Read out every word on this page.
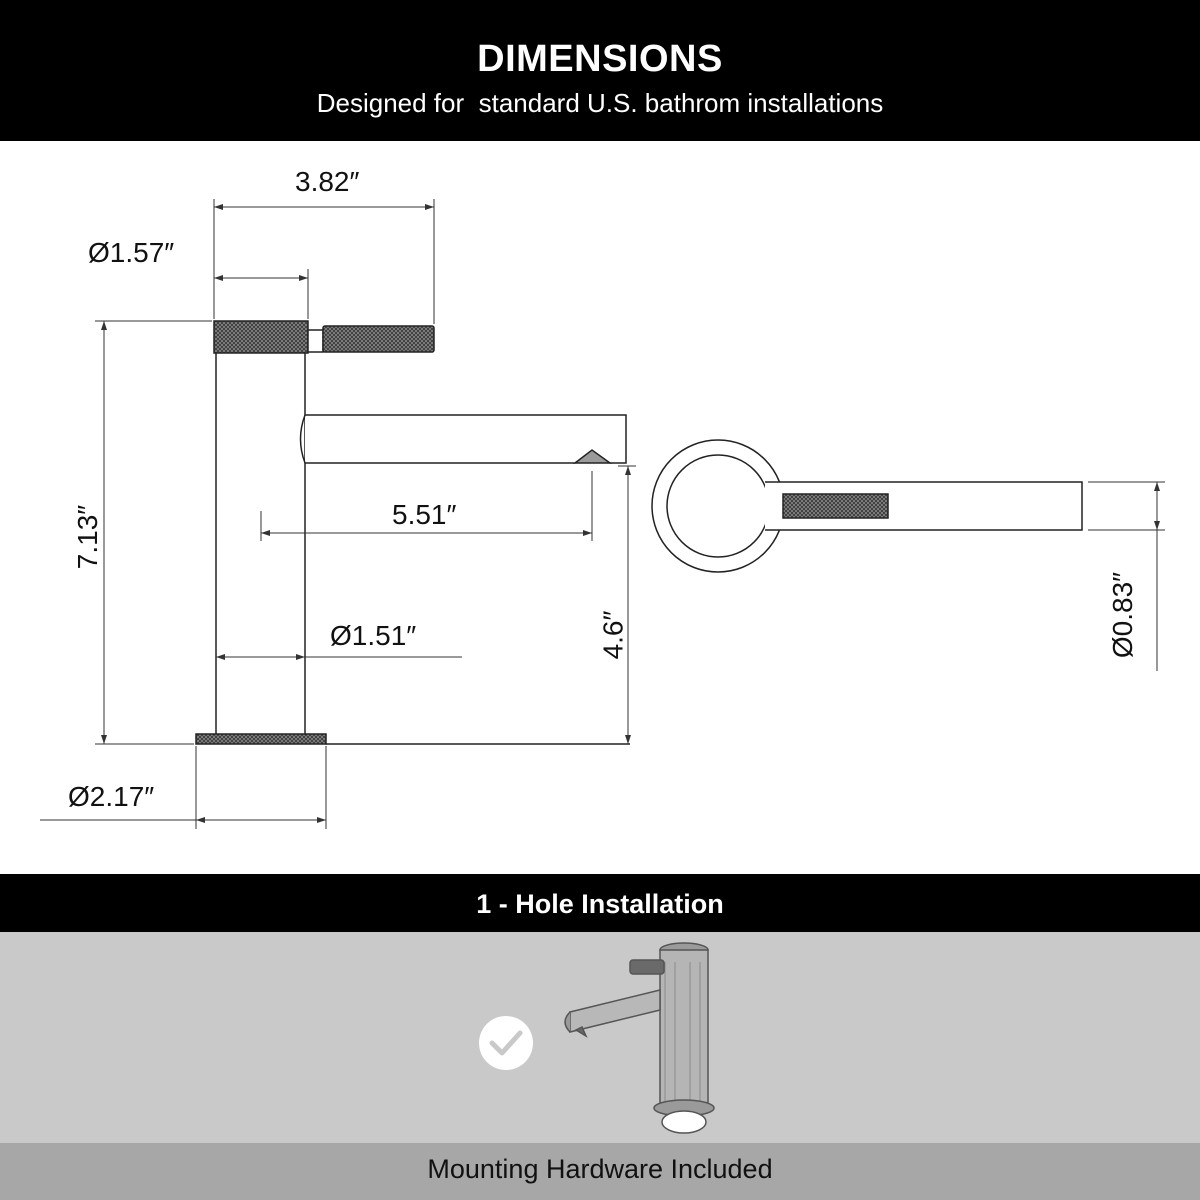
DIMENSIONS
Designed for  standard U.S. bathrom installations
3.82″
Ø1.57″
7.13″	5.51″
Ø1.51″	4.6″
Ø2.17″
Ø0.83″
1 - Hole Installation
Mounting Hardware Included
